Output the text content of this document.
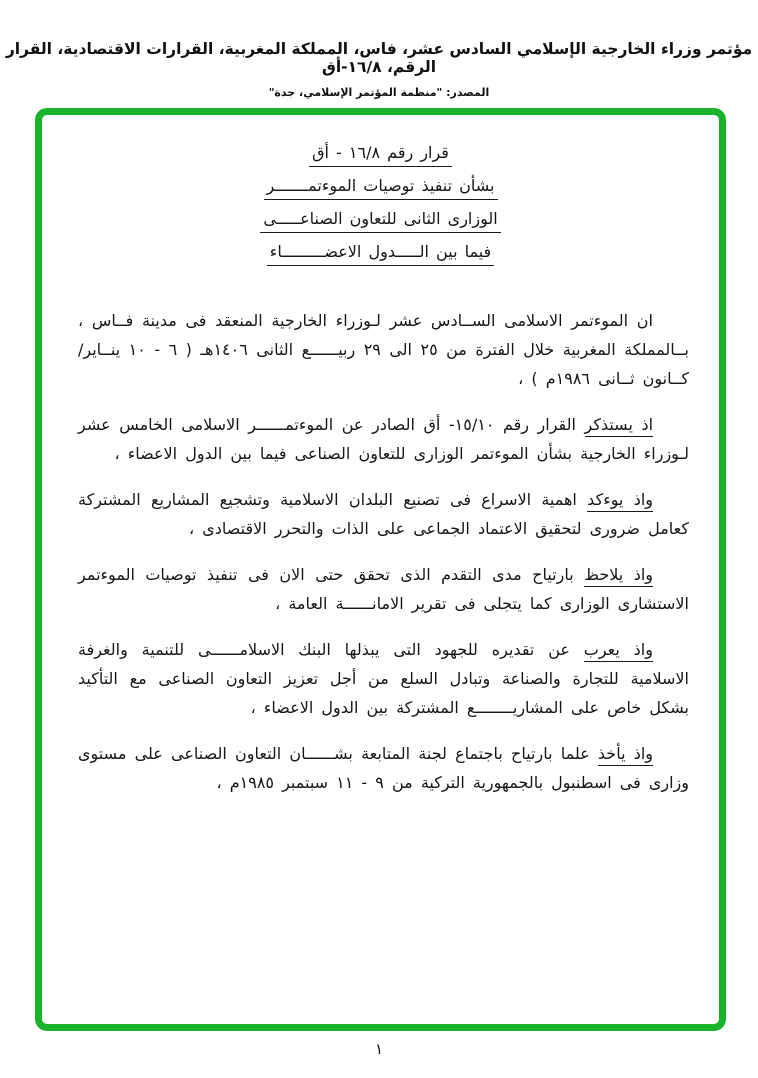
مؤتمر وزراء الخارجية الإسلامي السادس عشر، فاس، المملكة المغربية، القرارات الاقتصادية، القرار الرقم، ١٦/٨-أق
المصدر: "منظمة المؤتمر الإسلامي، جدة"
قرار رقم ١٦/٨ - أق
بشأن تنفيذ توصيات الموءتمـــــــر
الوزارى الثانى للتعاون الصناعـــــى
فيما بين الـــــدول الاعضـــــــــاء

ان الموءتمر الاسلامى الســادس عشر لـوزراء الخارجية المنعقد فى مدينة فــاس ، بــالمملكة المغربية خلال الفترة من ٢٥ الى ٢٩ ربيــــــع الثانى ١٤٠٦هـ ( ٦ - ١٠ ينــاير/كــانون ثــانى ١٩٨٦م ) ،

اذ يستذكر القرار رقم ١٥/١٠- أق الصادر عن الموءتمــــــر الاسلامى الخامس عشر لـوزراء الخارجية بشأن الموءتمر الوزارى للتعاون الصناعى فيما بين الدول الاعضاء ،

واذ يوءكد اهمية الاسراع فى تصنيع البلدان الاسلامية وتشجيع المشاريع المشتركة كعامل ضرورى لتحقيق الاعتماد الجماعى على الذات والتحرر الاقتصادى ،

واذ يلاحظ بارتياح مدى التقدم الذى تحقق حتى الان فى تنفيذ توصيات الموءتمر الاستشارى الوزارى كما يتجلى فى تقرير الامانــــــة العامة ،

واذ يعرب عن تقديره للجهود التى يبذلها البنك الاسلامــــــى للتنمية والغرفة الاسلامية للتجارة والصناعة وتبادل السلع من أجل تعزيز التعاون الصناعى مع التأكيد بشكل خاص على المشاريــــــــع المشتركة بين الدول الاعضاء ،

واذ يأخذ علما بارتياح باجتماع لجنة المتابعة بشــــــان التعاون الصناعى على مستوى وزارى فى اسطنبول بالجمهورية التركية من ٩ - ١١ سبتمبر ١٩٨٥م ،

١
